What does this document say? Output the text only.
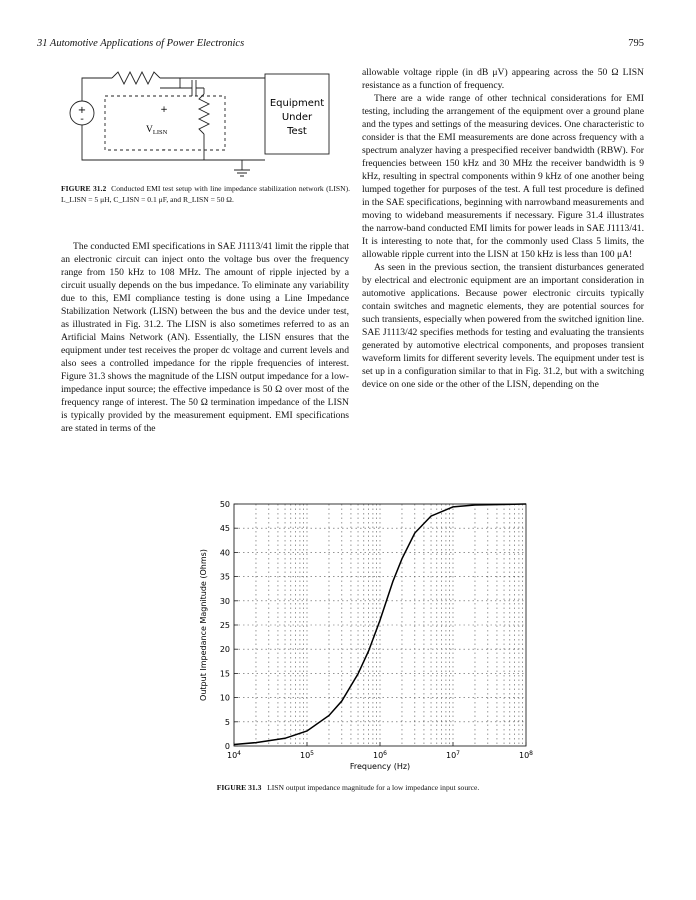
31 Automotive Applications of Power Electronics	795
+
-
+
-
$V_{LISN}$
Equipment
Under
Test
FIGURE 31.2 Conducted EMI test setup with line impedance stabilization network (LISN). L_LISN = 5 μH, C_LISN = 0.1 μF, and R_LISN = 50 Ω.

The conducted EMI specifications in SAE J1113/41 limit the ripple that an electronic circuit can inject onto the voltage bus over the frequency range from 150 kHz to 108 MHz. The amount of ripple injected by a circuit usually depends on the bus impedance. To eliminate any variability due to this, EMI compliance testing is done using a Line Impedance Stabilization Network (LISN) between the bus and the device under test, as illustrated in Fig. 31.2. The LISN is also sometimes referred to as an Artificial Mains Network (AN). Essentially, the LISN ensures that the equipment under test receives the proper dc voltage and current levels and also sees a controlled impedance for the ripple frequencies of interest. Figure 31.3 shows the magnitude of the LISN output impedance for a low-impedance input source; the effective impedance is 50 Ω over most of the frequency range of interest. The 50 Ω termination impedance of the LISN is typically provided by the measurement equipment. EMI specifications are stated in terms of the

allowable voltage ripple (in dB μV) appearing across the 50 Ω LISN resistance as a function of frequency.

There are a wide range of other technical considerations for EMI testing, including the arrangement of the equipment over a ground plane and the types and settings of the measuring devices. One characteristic to consider is that the EMI measurements are done across frequency with a spectrum analyzer having a prespecified receiver bandwidth (RBW). For frequencies between 150 kHz and 30 MHz the receiver bandwidth is 9 kHz, resulting in spectral components within 9 kHz of one another being lumped together for purposes of the test. A full test procedure is defined in the SAE specifications, beginning with narrowband measurements and moving to wideband measurements if necessary. Figure 31.4 illustrates the narrow-band conducted EMI limits for power leads in SAE J1113/41. It is interesting to note that, for the commonly used Class 5 limits, the allowable ripple current into the LISN at 150 kHz is less than 100 μA!

As seen in the previous section, the transient disturbances generated by electrical and electronic equipment are an important consideration in automotive applications. Because power electronic circuits typically contain switches and magnetic elements, they are potential sources for such transients, especially when powered from the switched ignition line. SAE J1113/42 specifies methods for testing and evaluating the transients generated by automotive electrical components, and proposes transient waveform limits for different severity levels. The equipment under test is set up in a configuration similar to that in Fig. 31.2, but with a switching device on one side or the other of the LISN, depending on the

0
5
10
15
20
25
30
35
40
45
50
$10^4$	$10^5$	$10^6$	$10^7$	$10^8$
Frequency (Hz)
Output Impedance Magnitude (Ohms)
FIGURE 31.3 LISN output impedance magnitude for a low impedance input source.
